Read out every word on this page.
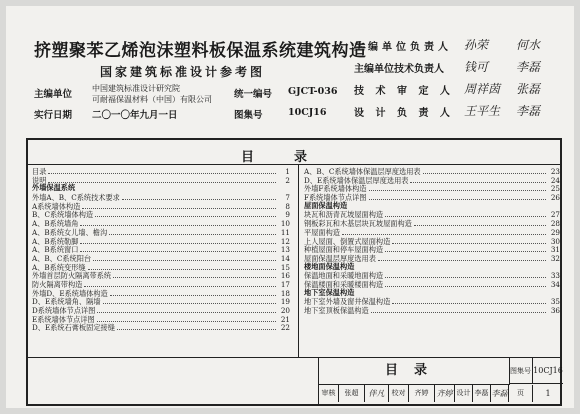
挤塑聚苯乙烯泡沫塑料板保温系统建筑构造
国家建筑标准设计参考图
主编单位
中国建筑标准设计研究院
可耐福保温材料（中国）有限公司
实行日期 二〇一〇年九月一日
统一编号 GJCT-036
图集号	10CJ16
主编单位负责人 孙荣 何水
主编单位技术负责人 钱可 李磊
技 术 审 定 人 周祥茵 张磊
设 计 负 责 人 王平生 李磊
目录
目录	1
说明	2
外墙保温系统
外墙A、B、C系统技术要求	7
A系统墙体构造	8
B、C系统墙体构造	9
A、B系统墙角	10
A、B系统女儿墙、檐沟	11
A、B系统勒脚	12
A、B系统窗口	13
A、B、C系统阳台	14
A、B系统变形缝	15
外墙首层防火隔离带系统	16
防火隔离带构造	17
外墙D、E系统墙体构造	18
D、E系统墙角、隔墙	19
D系统墙体节点详图	20
E系统墙体节点详图	21
D、E系统石膏板固定接缝	22
A、B、C系统墙体保温层厚度选用表	23
D、E系统墙体保温层厚度选用表	24
外墙F系统墙体构造	25
F系统墙体节点详图	26
屋面保温构造
块瓦和沥青瓦坡屋面构造	27
钢板彩瓦和木基层块瓦坡屋面构造	28
平屋面构造	29
上人屋面、倒置式屋面构造	30
种植屋面和停车屋面构造	31
屋面保温层厚度选用表	32
楼地面保温构造
保温地面和采暖地面构造	33
保温楼面和采暖楼面构造	34
地下室保温构造
地下室外墙及窗井保温构造	35
地下室顶板保温构造	36
目录	图集号 10CJ16
审核	张超	伴凡	校对	齐婷	齐婷 设计 李磊 李磊	页	1
